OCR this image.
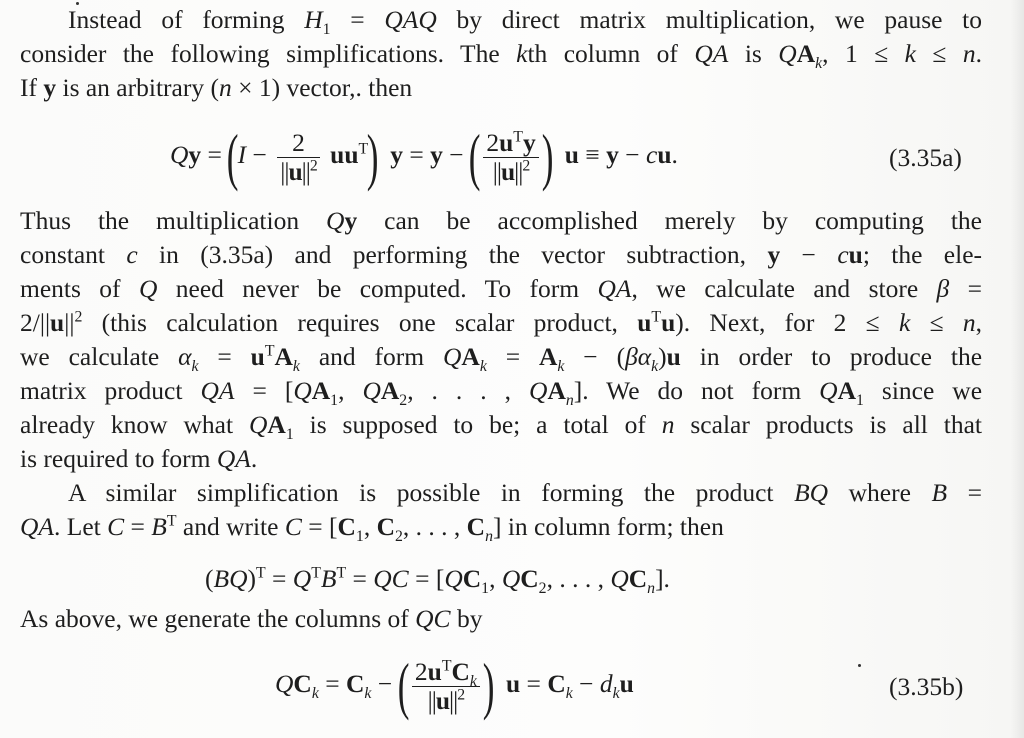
Instead of forming $H_1$ = QAQ by direct matrix multiplication, we pause to
consider the following simplifications. The kth column of QA is $QA_k$, 1 ≤ k ≤ n.
If y is an arbitrary (n × 1) vector,. then
$Qy = (I - \frac{2}{||u||^2} uu^T)$ y = y − ( $\frac{2u^Ty}{||u||^2}$ ) u ≡ y − cu.	(3.35a)
Thus the multiplication Qy can be accomplished merely by computing the
constant c in (3.35a) and performing the vector subtraction, y − cu; the ele-
ments of Q need never be computed. To form QA, we calculate and store β =
$2/||u||^2$ (this calculation requires one scalar product, $u^Tu$). Next, for 2 ≤ k ≤ n,
we calculate $\alpha_k = u^TA_k$ and form $QA_k = A_k - (\beta\alpha_k)u$ in order to produce the
matrix product QA = [$QA_1$, $QA_2$, . . . , $QA_n$]. We do not form $QA_1$ since we
already know what $QA_1$ is supposed to be; a total of n scalar products is all that
is required to form QA.
A similar simplification is possible in forming the product BQ where B =
QA. Let $C = B^T$ and write $C = [C_1$, $C_2$, . . . , $C_n$] in column form; then
$(BQ)^T = Q^TB^T$ = QC = [$QC_1$, $QC_2$, . . . , $QC_n$].
As above, we generate the columns of QC by
$QC_k = C_k$ − ( $\frac{2u^TC_k}{||u||^2}$ ) $u = C_k - d_ku$	(3.35b)
